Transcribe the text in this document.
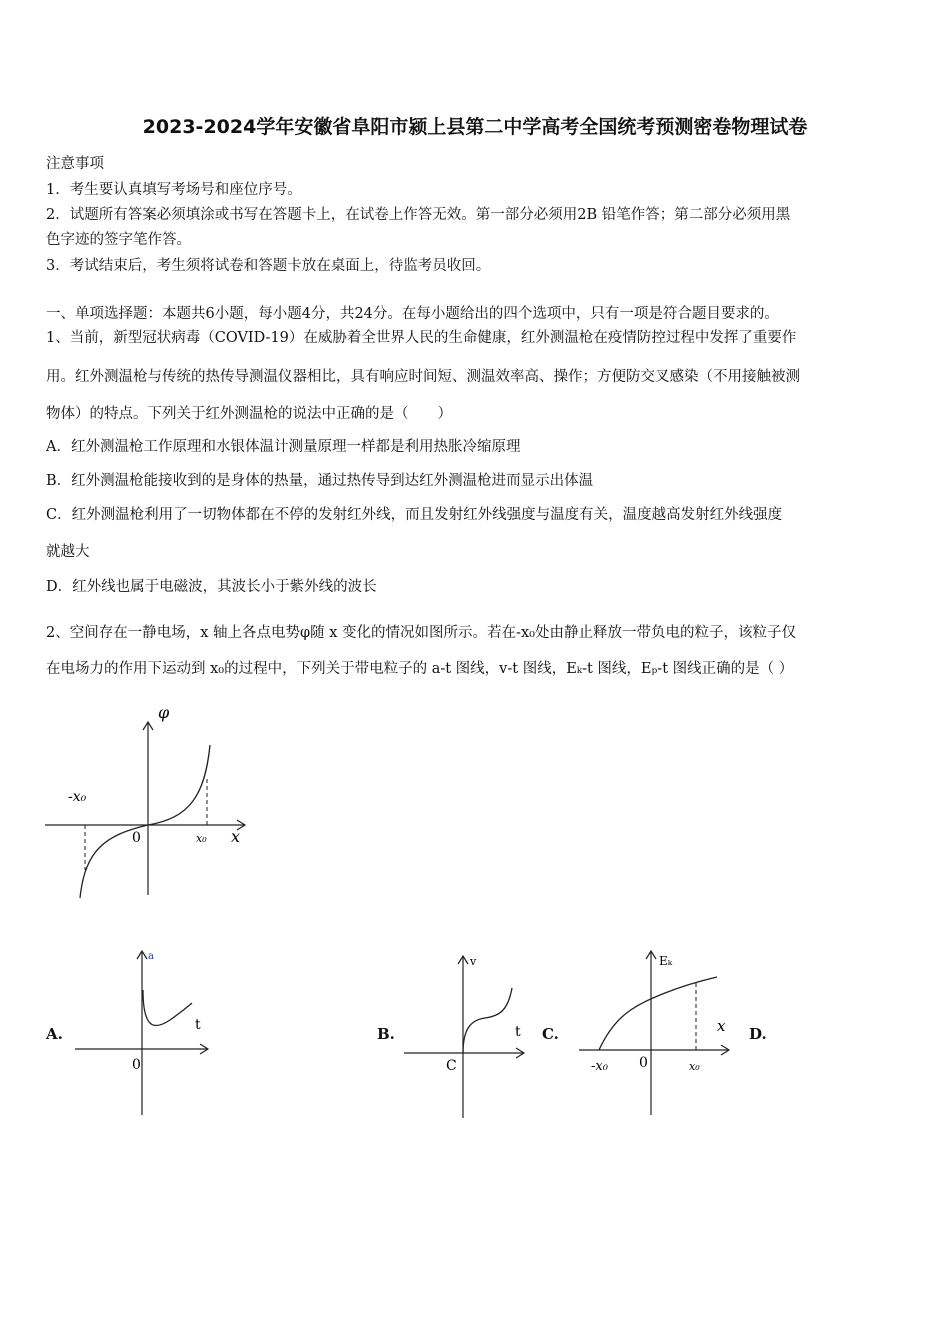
2023-2024学年安徽省阜阳市颍上县第二中学高考全国统考预测密卷物理试卷
注意事项
1．考生要认真填写考场号和座位序号。
2．试题所有答案必须填涂或书写在答题卡上，在试卷上作答无效。第一部分必须用2B 铅笔作答；第二部分必须用黑
色字迹的签字笔作答。
3．考试结束后，考生须将试卷和答题卡放在桌面上，待监考员收回。
一、单项选择题：本题共6小题，每小题4分，共24分。在每小题给出的四个选项中，只有一项是符合题目要求的。
1、当前，新型冠状病毒（COVID-19）在威胁着全世界人民的生命健康，红外测温枪在疫情防控过程中发挥了重要作
用。红外测温枪与传统的热传导测温仪器相比，具有响应时间短、测温效率高、操作；方便防交叉感染（不用接触被测
物体）的特点。下列关于红外测温枪的说法中正确的是（　　）
A．红外测温枪工作原理和水银体温计测量原理一样都是利用热胀冷缩原理
B．红外测温枪能接收到的是身体的热量，通过热传导到达红外测温枪进而显示出体温
C．红外测温枪利用了一切物体都在不停的发射红外线，而且发射红外线强度与温度有关，温度越高发射红外线强度
就越大
D．红外线也属于电磁波，其波长小于紫外线的波长
2、空间存在一静电场，x 轴上各点电势φ随 x 变化的情况如图所示。若在-x₀处由静止释放一带负电的粒子，该粒子仅
在电场力的作用下运动到 x₀的过程中，下列关于带电粒子的 a-t 图线，v-t 图线，Eₖ-t 图线，Eₚ-t 图线正确的是（ ）
φ
x
0
-x₀
x₀
A.
a
t
0
B.
v
t
C
C.
Eₖ
x
0
-x₀	x₀
D.
